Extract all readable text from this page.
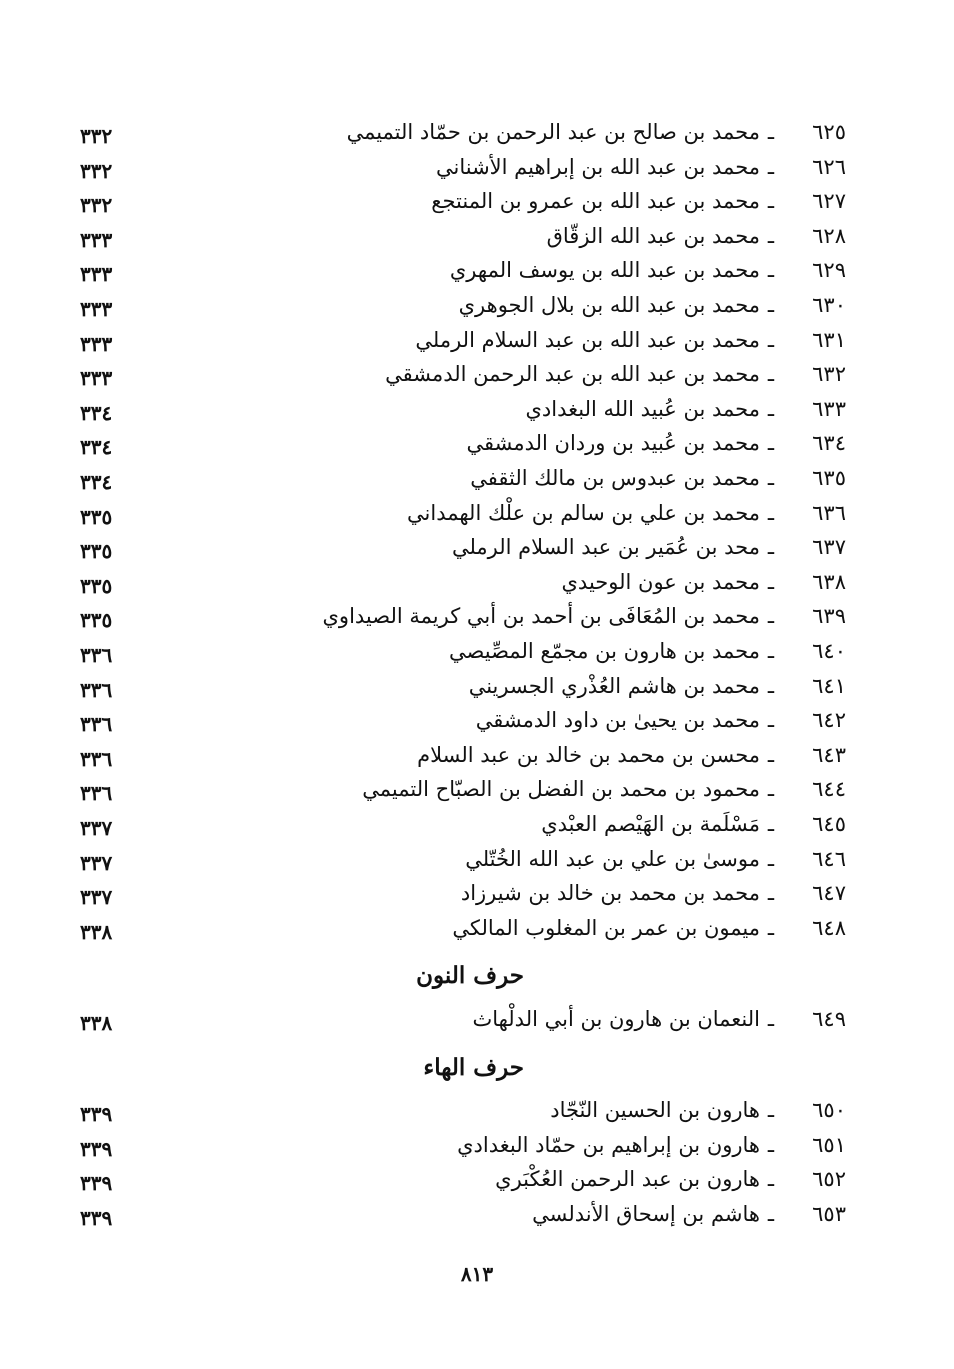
٦٢٥ـمحمد بن صالح بن عبد الرحمن بن حمّاد التميمي
٣٣٢
٦٢٦ـمحمد بن عبد الله بن إبراهيم الأشناني
٣٣٢
٦٢٧ـمحمد بن عبد الله بن عمرو بن المنتجع
٣٣٢
٦٢٨ـمحمد بن عبد الله الزقّاق
٣٣٣
٦٢٩ـمحمد بن عبد الله بن يوسف المهري
٣٣٣
٦٣٠ـمحمد بن عبد الله بن بلال الجوهري
٣٣٣
٦٣١ـمحمد بن عبد الله بن عبد السلام الرملي
٣٣٣
٦٣٢ـمحمد بن عبد الله بن عبد الرحمن الدمشقي
٣٣٣
٦٣٣ـمحمد بن عُبيد الله البغدادي
٣٣٤
٦٣٤ـمحمد بن عُبيد بن وردان الدمشقي
٣٣٤
٦٣٥ـمحمد بن عبدوس بن مالك الثقفي
٣٣٤
٦٣٦ـمحمد بن علي بن سالم بن علْك الهمداني
٣٣٥
٦٣٧ـمحد بن عُمَير بن عبد السلام الرملي
٣٣٥
٦٣٨ـمحمد بن عون الوحيدي
٣٣٥
٦٣٩ـمحمد بن المُعَافَى بن أحمد بن أبي كريمة الصيداوي
٣٣٥
٦٤٠ـمحمد بن هارون بن مجمّع المصِّيصي
٣٣٦
٦٤١ـمحمد بن هاشم العُذْري الجسريني
٣٣٦
٦٤٢ـمحمد بن يحيىٰ بن داود الدمشقي
٣٣٦
٦٤٣ـمحسن بن محمد بن خالد بن عبد السلام
٣٣٦
٦٤٤ـمحمود بن محمد بن الفضل بن الصبّاح التميمي
٣٣٦
٦٤٥ـمَسْلَمة بن الهَيْصم العبْدي
٣٣٧
٦٤٦ـموسىٰ بن علي بن عبد الله الخُتّلي
٣٣٧
٦٤٧ـمحمد بن محمد بن خالد بن شيرزاد
٣٣٧
٦٤٨ـميمون بن عمر بن المغلوب المالكي
٣٣٨
حرف النون
٦٤٩ـالنعمان بن هارون بن أبي الدلْهاث
٣٣٨
حرف الهاء
٦٥٠ـهارون بن الحسين النّجّاد
٣٣٩
٦٥١ـهارون بن إبراهيم بن حمّاد البغدادي
٣٣٩
٦٥٢ـهارون بن عبد الرحمن العُكْبَري
٣٣٩
٦٥٣ـهاشم بن إسحاق الأندلسي
٣٣٩
٨١٣
